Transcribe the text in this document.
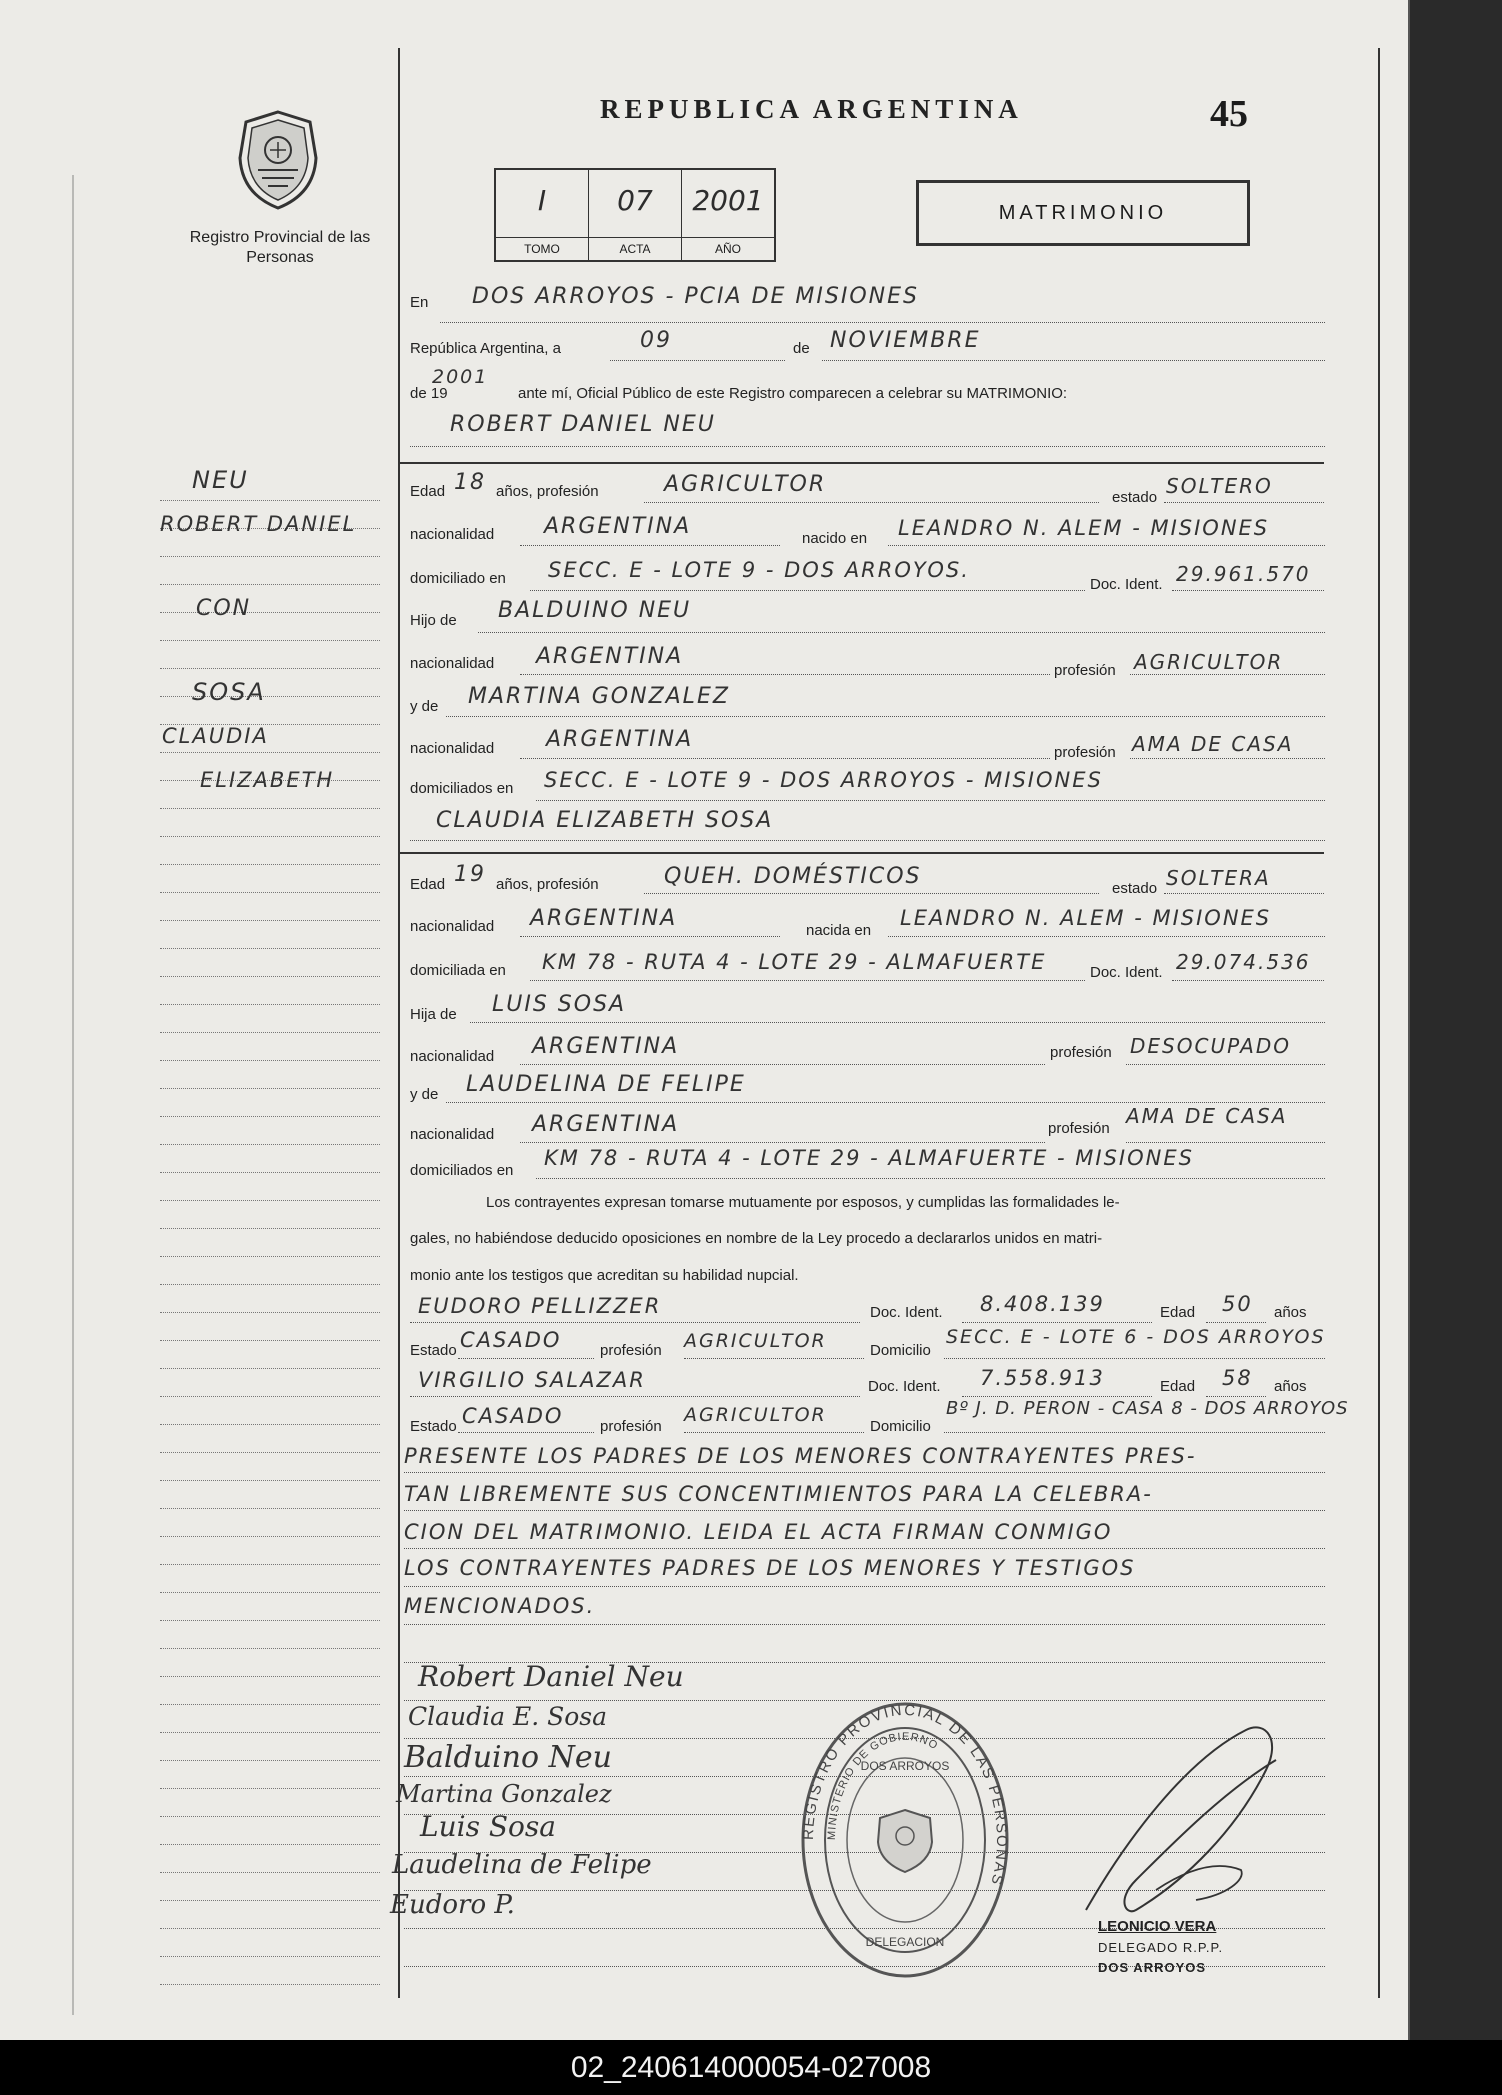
Registro Provincial de las Personas
REPUBLICA ARGENTINA	45
I
TOMO
07
ACTA
2001
AÑO
MATRIMONIO
En DOS ARROYOS - PCIA DE MISIONES
República Argentina, a	09	de NOVIEMBRE
de 19
2001
ante mí, Oficial Público de este Registro comparecen a celebrar su MATRIMONIO:
ROBERT DANIEL NEU
NEU
ROBERT DANIEL
CON
SOSA
CLAUDIA
ELIZABETH
Edad 18 años, profesión	AGRICULTOR
estado SOLTERO
nacionalidad ARGENTINA	nacido en LEANDRO N. ALEM - MISIONES
domiciliado en SECC. E - LOTE 9 - DOS ARROYOS.
Doc. Ident. 29.961.570
Hijo de BALDUINO NEU
nacionalidad ARGENTINA
profesión AGRICULTOR
y de MARTINA GONZALEZ
nacionalidad ARGENTINA
profesión AMA DE CASA
domiciliados en SECC. E - LOTE 9 - DOS ARROYOS - MISIONES
CLAUDIA ELIZABETH SOSA
Edad 19 años, profesión	QUEH. DOMÉSTICOS	estado SOLTERA
nacionalidad ARGENTINA	nacida en
LEANDRO N. ALEM - MISIONES
domiciliada en KM 78 - RUTA 4 - LOTE 29 - ALMAFUERTE	Doc. Ident. 29.074.536
Hija de LUIS SOSA
nacionalidad ARGENTINA	profesión DESOCUPADO
y de LAUDELINA DE FELIPE
nacionalidad ARGENTINA	profesión
AMA DE CASA
domiciliados en
KM 78 - RUTA 4 - LOTE 29 - ALMAFUERTE - MISIONES
Los contrayentes expresan tomarse mutuamente por esposos, y cumplidas las formalidades le-
gales, no habiéndose deducido oposiciones en nombre de la Ley procedo a declararlos unidos en matri-
monio ante los testigos que acreditan su habilidad nupcial.
EUDORO PELLIZZER	Doc. Ident. 8.408.139	Edad 50 años
Estado CASADO	profesión AGRICULTOR	Domicilio
SECC. E - LOTE 6 - DOS ARROYOS
VIRGILIO SALAZAR	Doc. Ident. 7.558.913	Edad 58 años
Estado CASADO profesión
AGRICULTOR
Domicilio
Bº J. D. PERON - CASA 8 - DOS ARROYOS
PRESENTE LOS PADRES DE LOS MENORES CONTRAYENTES PRES-
TAN LIBREMENTE SUS CONCENTIMIENTOS PARA LA CELEBRA-
CION DEL MATRIMONIO. LEIDA EL ACTA FIRMAN CONMIGO
LOS CONTRAYENTES PADRES DE LOS MENORES Y TESTIGOS
MENCIONADOS.
Robert Daniel Neu
Claudia E. Sosa
Balduino Neu
Martina Gonzalez
Luis Sosa
Laudelina de Felipe
Eudoro P.
REGISTRO PROVINCIAL DE LAS PERSONAS
MINISTERIO DE GOBIERNO
DOS ARROYOS
DELEGACION
LEONICIO VERA
DELEGADO R.P.P.
DOS ARROYOS
02_240614000054-027008
